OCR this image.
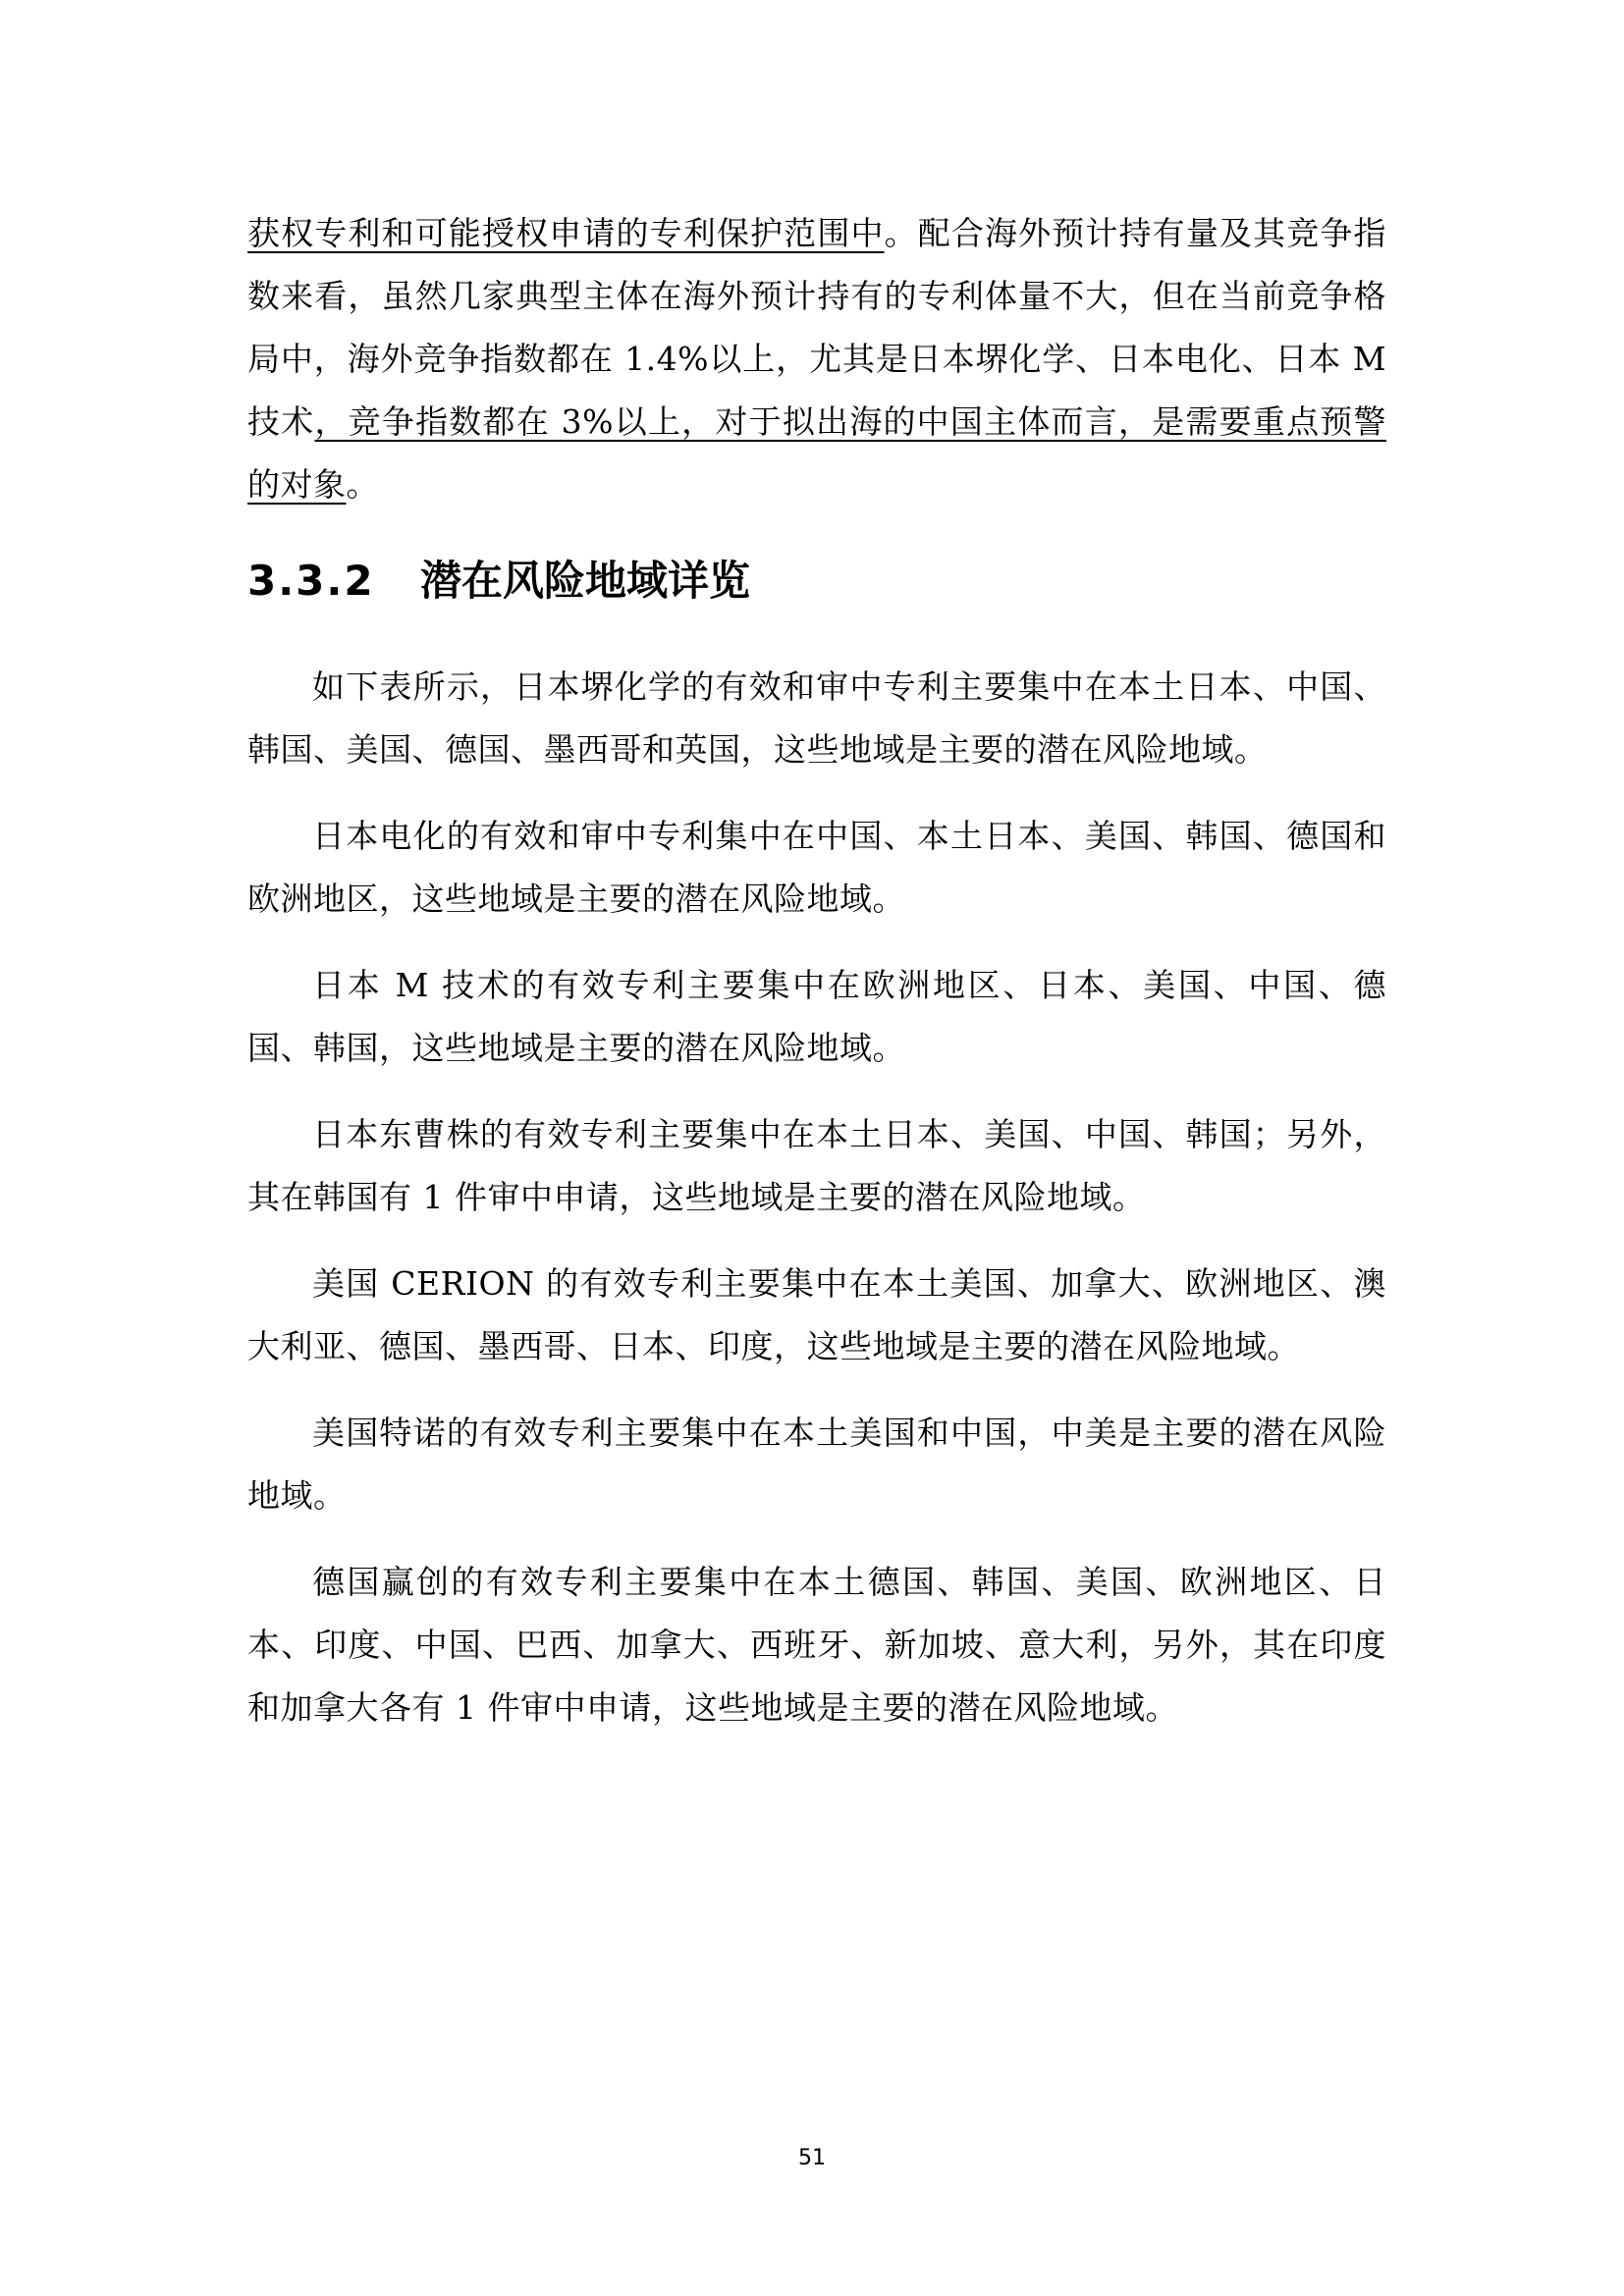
获权专利和可能授权申请的专利保护范围中。配合海外预计持有量及其竞争指数来看，虽然几家典型主体在海外预计持有的专利体量不大，但在当前竞争格局中，海外竞争指数都在 1.4%以上，尤其是日本堺化学、日本电化、日本 M 技术，竞争指数都在 3%以上，对于拟出海的中国主体而言，是需要重点预警的对象。

3.3.2	潜在风险地域详览

如下表所示，日本堺化学的有效和审中专利主要集中在本土日本、中国、韩国、美国、德国、墨西哥和英国，这些地域是主要的潜在风险地域。

日本电化的有效和审中专利集中在中国、本土日本、美国、韩国、德国和欧洲地区，这些地域是主要的潜在风险地域。

日本 M 技术的有效专利主要集中在欧洲地区、日本、美国、中国、德国、韩国，这些地域是主要的潜在风险地域。

日本东曹株的有效专利主要集中在本土日本、美国、中国、韩国；另外，其在韩国有 1 件审中申请，这些地域是主要的潜在风险地域。

美国 CERION 的有效专利主要集中在本土美国、加拿大、欧洲地区、澳大利亚、德国、墨西哥、日本、印度，这些地域是主要的潜在风险地域。

美国特诺的有效专利主要集中在本土美国和中国，中美是主要的潜在风险地域。

德国赢创的有效专利主要集中在本土德国、韩国、美国、欧洲地区、日本、印度、中国、巴西、加拿大、西班牙、新加坡、意大利，另外，其在印度和加拿大各有 1 件审中申请，这些地域是主要的潜在风险地域。

51
